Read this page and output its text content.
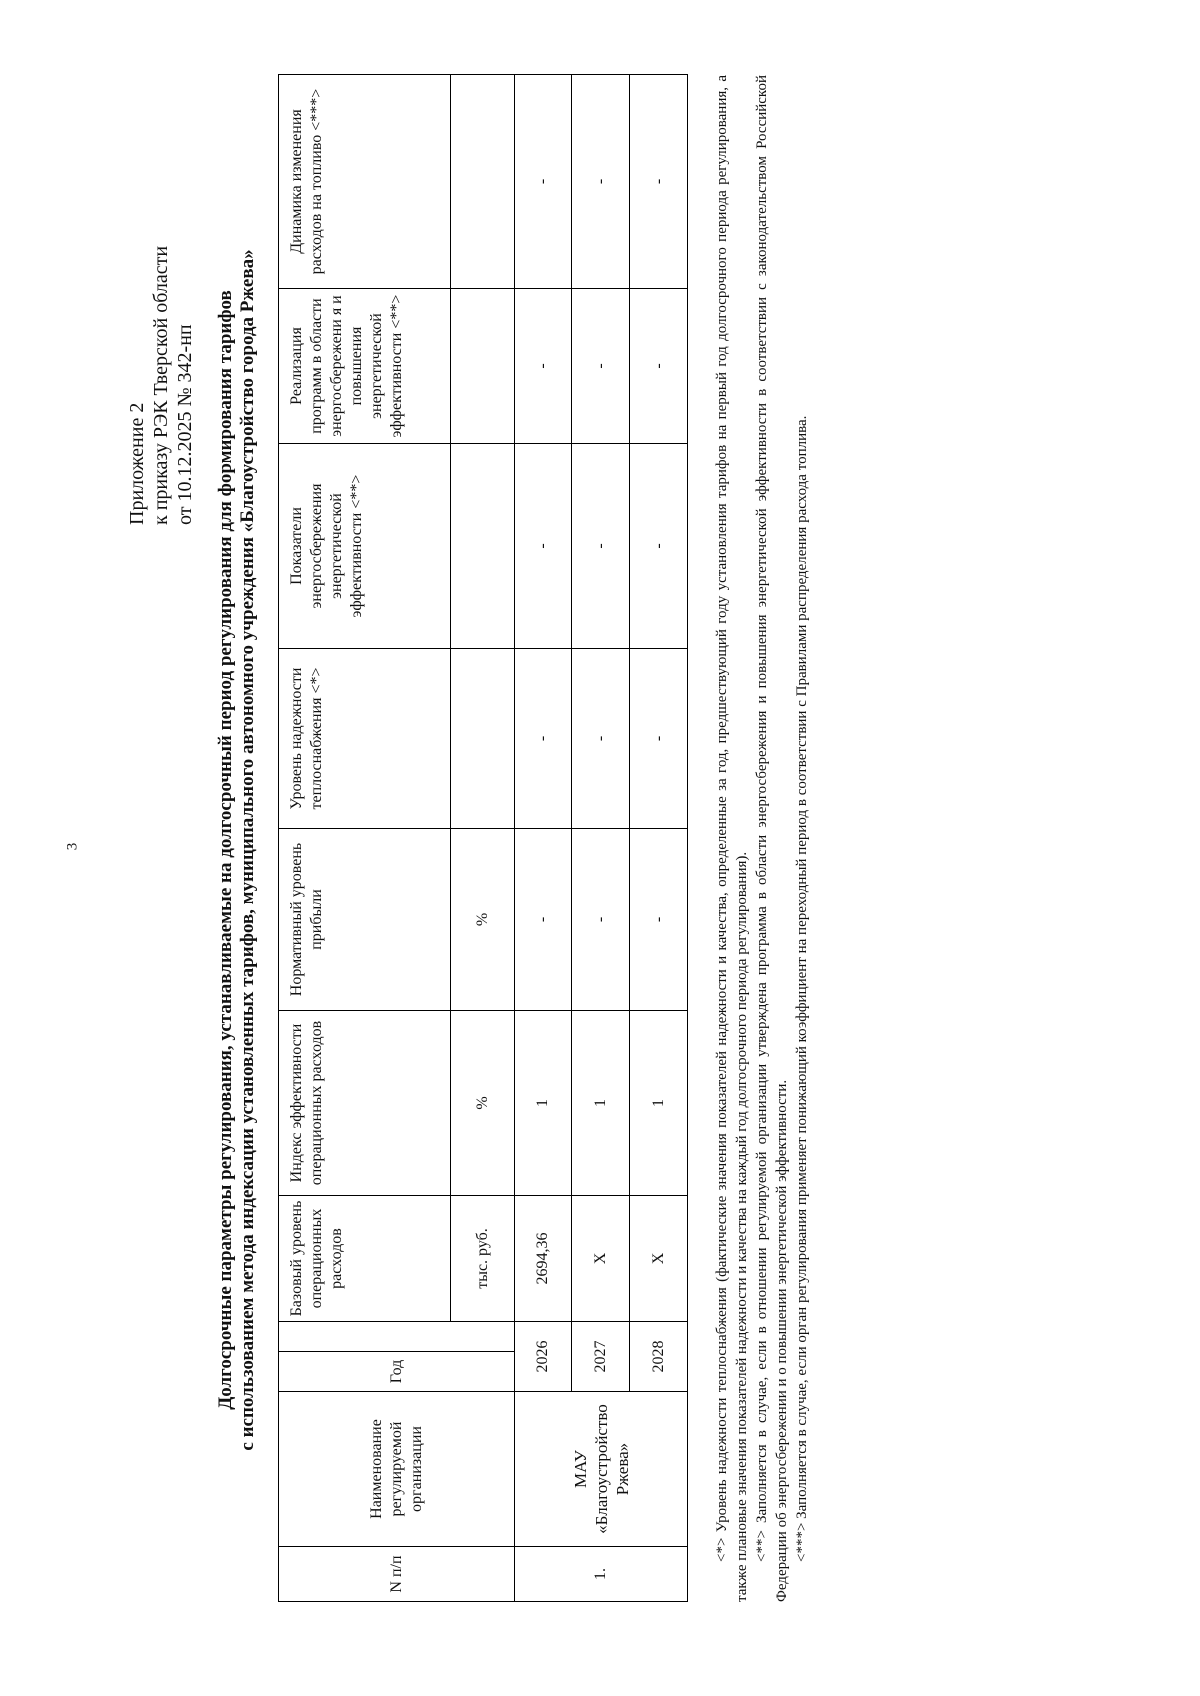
3
Приложение 2 к приказу РЭК Тверской области от 10.12.2025 № 342-нп Долгосрочные параметры регулирования, устанавливаемые на долгосрочный период регулирования для формирования тарифов с использованием метода индексации установленных тарифов, муниципального автономного учреждения «Благоустройство города Ржева»
N п/п	Наименование регулируемой организации	Год		Базовый уровень операционных расходов	Индекс эффективности операционных расходов	Нормативный уровень прибыли	Уровень надежности теплоснабжения <*>	Показатели энергосбережения энергетической эффективности <**>	Реализация программ в области энергосбережени я и повышения энергетической эффективности <**>	Динамика изменения расходов на топливо <***>
				тыс. руб.	%	%				
1.	МАУ «Благоустройство Ржева»	2026		2694,36	1	-	-	-	-	-
		2027		Х	1	-	-	-	-	-
		2028		Х	1	-	-	-	-	-	<*> Уровень надежности теплоснабжения (фактические значения показателей надежности и качества, определенные за год, предшествующий году установления тарифов на первый год долгосрочного периода регулирования, а также плановые значения показателей надежности и качества на каждый год долгосрочного периода регулирования). <**> Заполняется в случае, если в отношении регулируемой организации утверждена программа в области энергосбережения и повышения энергетической эффективности в соответствии с законодательством Российской Федерации об энергосбережении и о повышении энергетической эффективности. <***> Заполняется в случае, если орган регулирования применяет понижающий коэффициент на переходный период в соответствии с Правилами распределения расхода топлива.
